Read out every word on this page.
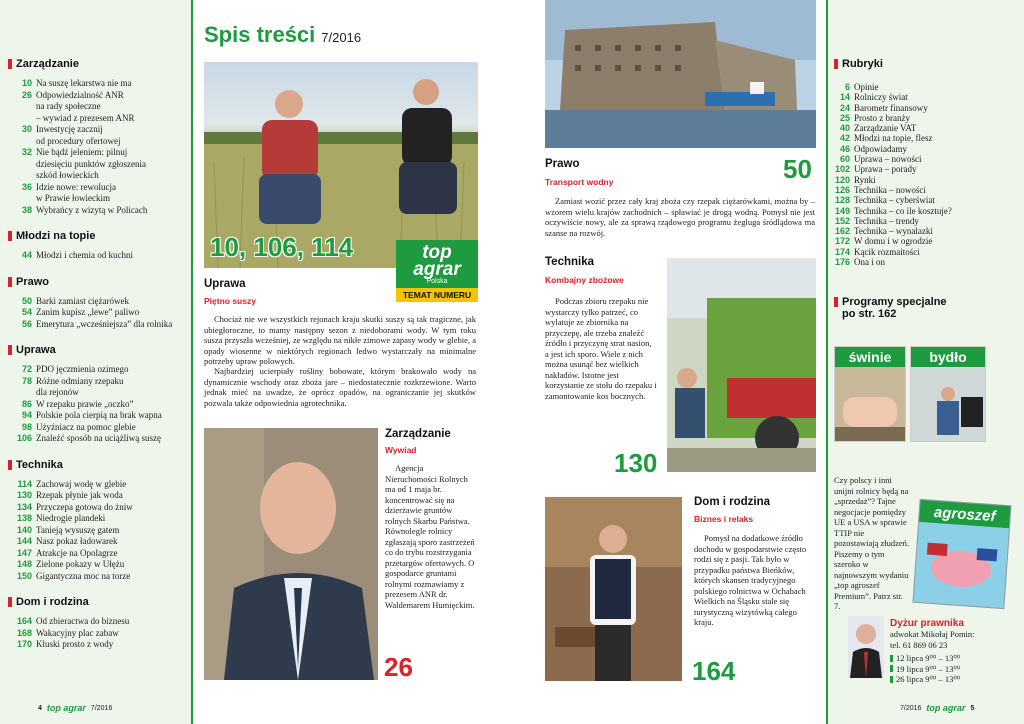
Zarządzanie
10 Na suszę lekarstwa nie ma
26 Odpowiedzialność ANR
na rady społeczne
– wywiad z prezesem ANR
30 Inwestycję zacznij
od procedury ofertowej
32 Nie bądź jeleniem: pilnuj
dziesięciu punktów zgłoszenia
szkód łowieckich
36 Idzie nowe: rewolucja
w Prawie łowieckim
38 Wybrańcy z wizytą w Policach
Młodzi na topie
44 Młodzi i chemia od kuchni
Prawo
50 Barki zamiast ciężarówek
54 Zanim kupisz „lewe” paliwo
56 Emerytura „wcześniejsza” dla rolnika
Uprawa
72 PDO jęczmienia ozimego
78 Różne odmiany rzepaku
dla rejonów
86 W rzepaku prawie „oczko”
94 Polskie pola cierpią na brak wapna
98 Użyźniacz na pomoc glebie
106 Znaleźć sposób na uciążliwą suszę
Technika
114 Zachowaj wodę w glebie
130 Rzepak płynie jak woda
134 Przyczepa gotowa do żniw
138 Niedrogie plandeki
140 Tanieją wysuszę gatem
144 Nasz pokaz ładowarek
147 Atrakcje na Opolagrze
148 Zielone pokazy w Ułężu
150 Gigantyczna moc na torze
Dom i rodzina
164 Od zbieractwa do biznesu
168 Wakacyjny plac zabaw
170 Kluski prosto z wody
4 top agrar 7/2016
Spis treści 7/2016
10, 106, 114	top agrar
Polska
TEMAT NUMERU
Uprawa
Piętno suszy
Chociaż nie we wszystkich rejonach kraju skutki suszy są tak tragiczne, jak ubiegłoroczne, to mamy następny sezon z niedoborami wody. W tym roku susza przyszła wcześniej, ze względu na nikłe zimowe zapasy wody w glebie, a opady wiosenne w niektórych regionach ledwo wystarczały na minimalne potrzeby upraw polowych.
Najbardziej ucierpiały rośliny bobowate, którym brakowało wody na dynamicznie wschody oraz zboża jare – niedostatecznie rozkrzewione. Warto jednak mieć na uwadze, że oprócz opadów, na ograniczanie jej skutków pozwala także odpowiednia agrotechnika.
Zarządzanie
Wywiad
Agencja Nieruchomości Rolnych ma od 1 maja br. koncentrować się na dzierżawie gruntów rolnych Skarbu Państwa. Równolegle rolnicy zgłaszają sporo zastrzeżeń co do trybu rozstrzygania przetargów ofertowych. O gospodarce gruntami rolnymi rozmawiamy z prezesem ANR dr. Waldemarem Humięckim.
26
Prawo
Transport wodny	50
Zamiast wozić przez cały kraj zboża czy rzepak ciężarówkami, można by – wzorem wielu krajów zachodnich – spławiać je drogą wodną. Pomysł nie jest oczywiście nowy, ale za sprawą rządowego programu żegluga śródlądowa ma szanse na rozwój.
Technika
Kombajny zbożowe
Podczas zbioru rzepaku nie wystarczy tylko patrzeć, co wylatuje ze zbiornika na przyczepę, ale trzeba znaleźć źródło i przyczynę strat nasion, a jest ich sporo. Wiele z nich można usunąć bez wielkich nakładów. Istotne jest korzystanie ze stołu do rzepaku i zamontowanie kos bocznych.
130
Dom i rodzina
Biznes i relaks
Pomysł na dodatkowe źródło dochodu w gospodarstwie często rodzi się z pasji. Tak było w przypadku państwa Bieńków, których skansen tradycyjnego polskiego rolnictwa w Ochabach Wielkich na Śląsku stale się turystyczną wizytówką całego kraju.
164
Rubryki
6 Opinie
14 Rolniczy świat
24 Barometr finansowy
25 Prosto z branży
40 Zarządzanie VAT
42 Młodzi na topie, flesz
46 Odpowiadamy
60 Uprawa – nowości
102 Uprawa – porady
120 Rynki
126 Technika – nowości
128 Technika – cyberświat
149 Technika – co ile kosztuje?
152 Technika – trendy
162 Technika – wynalazki
172 W domu i w ogrodzie
174 Kącik rozmaitości
176 Ona i on
Programy specjalne
po str. 162
świnie	bydło
Czy polscy i inni unijni rolnicy będą na „sprzedaż”? Tajne negocjacje pomiędzy UE a USA w sprawie TTIP nie pozostawiają złudzeń. Piszemy o tym szeroko w najnowszym wydaniu „top agroszef Premium”. Patrz str. 7.
agroszef
Dyżur prawnika
adwokat Mikołaj Pomin:
tel. 61 869 06 23
12 lipca 9⁰⁰ – 13⁰⁰
19 lipca 9⁰⁰ – 13⁰⁰
26 lipca 9⁰⁰ – 13⁰⁰
7/2016 top agrar 5
